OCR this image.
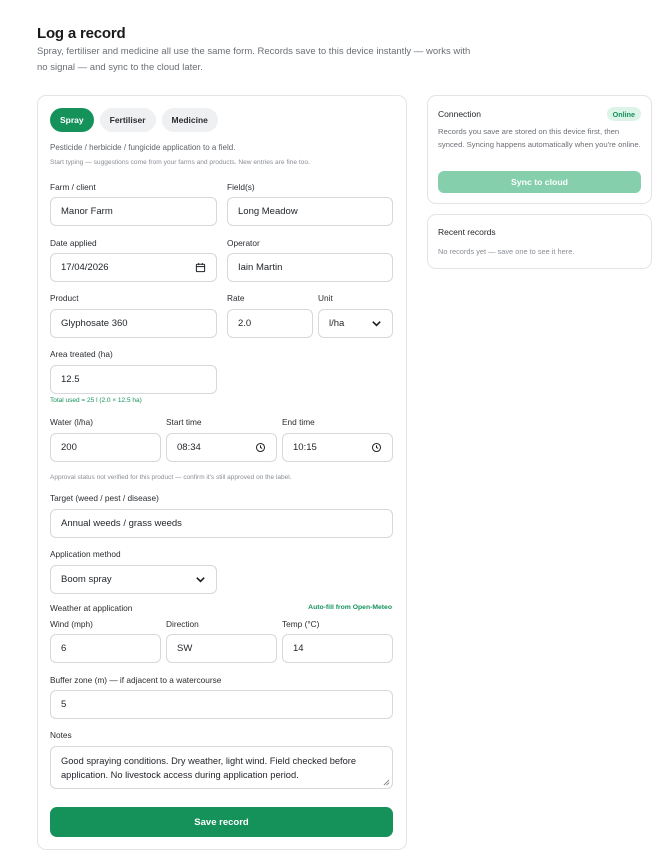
Log a record
Spray, fertiliser and medicine all use the same form. Records save to this device instantly — works with no signal — and sync to the cloud later.
Spray	Fertiliser	Medicine
Pesticide / herbicide / fungicide application to a field.
Start typing — suggestions come from your farms and products. New entries are fine too.
Farm / client
Manor Farm
Field(s)
Long Meadow
Date applied
17/04/2026
Operator
Iain Martin
Product
Glyphosate 360
Rate
2.0
Unit
l/ha
Area treated (ha)
12.5
Total used = 25 l (2.0 × 12.5 ha)
Water (l/ha)
200
Start time
08:34
End time
10:15
Approval status not verified for this product — confirm it's still approved on the label.
Target (weed / pest / disease)
Annual weeds / grass weeds
Application method
Boom spray
Weather at application	Auto-fill from Open-Meteo
Wind (mph)
6
Direction
SW
Temp (°C)
14
Buffer zone (m) — if adjacent to a watercourse
5
Notes
Good spraying conditions. Dry weather, light wind. Field checked before application. No livestock access during application period.
Save record
Connection	Online
Records you save are stored on this device first, then synced. Syncing happens automatically when you're online.
Sync to cloud
Recent records
No records yet — save one to see it here.
